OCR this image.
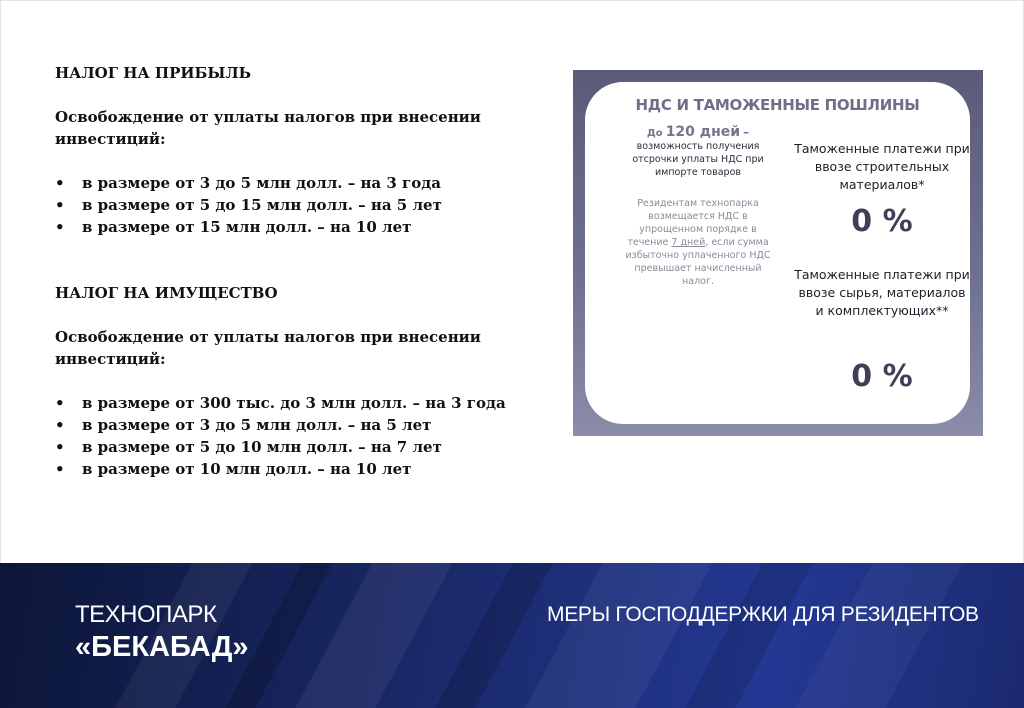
НАЛОГ НА ПРИБЫЛЬ

Освобождение от уплаты налогов при внесении инвестиций:

• в размере от 3 до 5 млн долл. – на 3 года
• в размере от 5 до 15 млн долл. – на 5 лет
• в размере от 15 млн долл. – на 10 лет

НАЛОГ НА ИМУЩЕСТВО

Освобождение от уплаты налогов при внесении инвестиций:

• в размере от 300 тыс. до 3 млн долл. – на 3 года
• в размере от 3 до 5 млн долл. – на 5 лет
• в размере от 5 до 10 млн долл. – на 7 лет
• в размере от 10 млн долл. – на 10 лет
НДС И ТАМОЖЕННЫЕ ПОШЛИНЫ
До 120 дней –
возможность получения отсрочки уплаты НДС при импорте товаров
Резидентам технопарка возмещается НДС в упрощенном порядке в течение 7 дней, если сумма избыточно уплаченного НДС превышает начисленный налог.
Таможенные платежи при ввозе строительных материалов*
0 %
Таможенные платежи при ввозе сырья, материалов и комплектующих**
0 %
ТЕХНОПАРК
«БЕКАБАД»
МЕРЫ ГОСПОДДЕРЖКИ ДЛЯ РЕЗИДЕНТОВ
